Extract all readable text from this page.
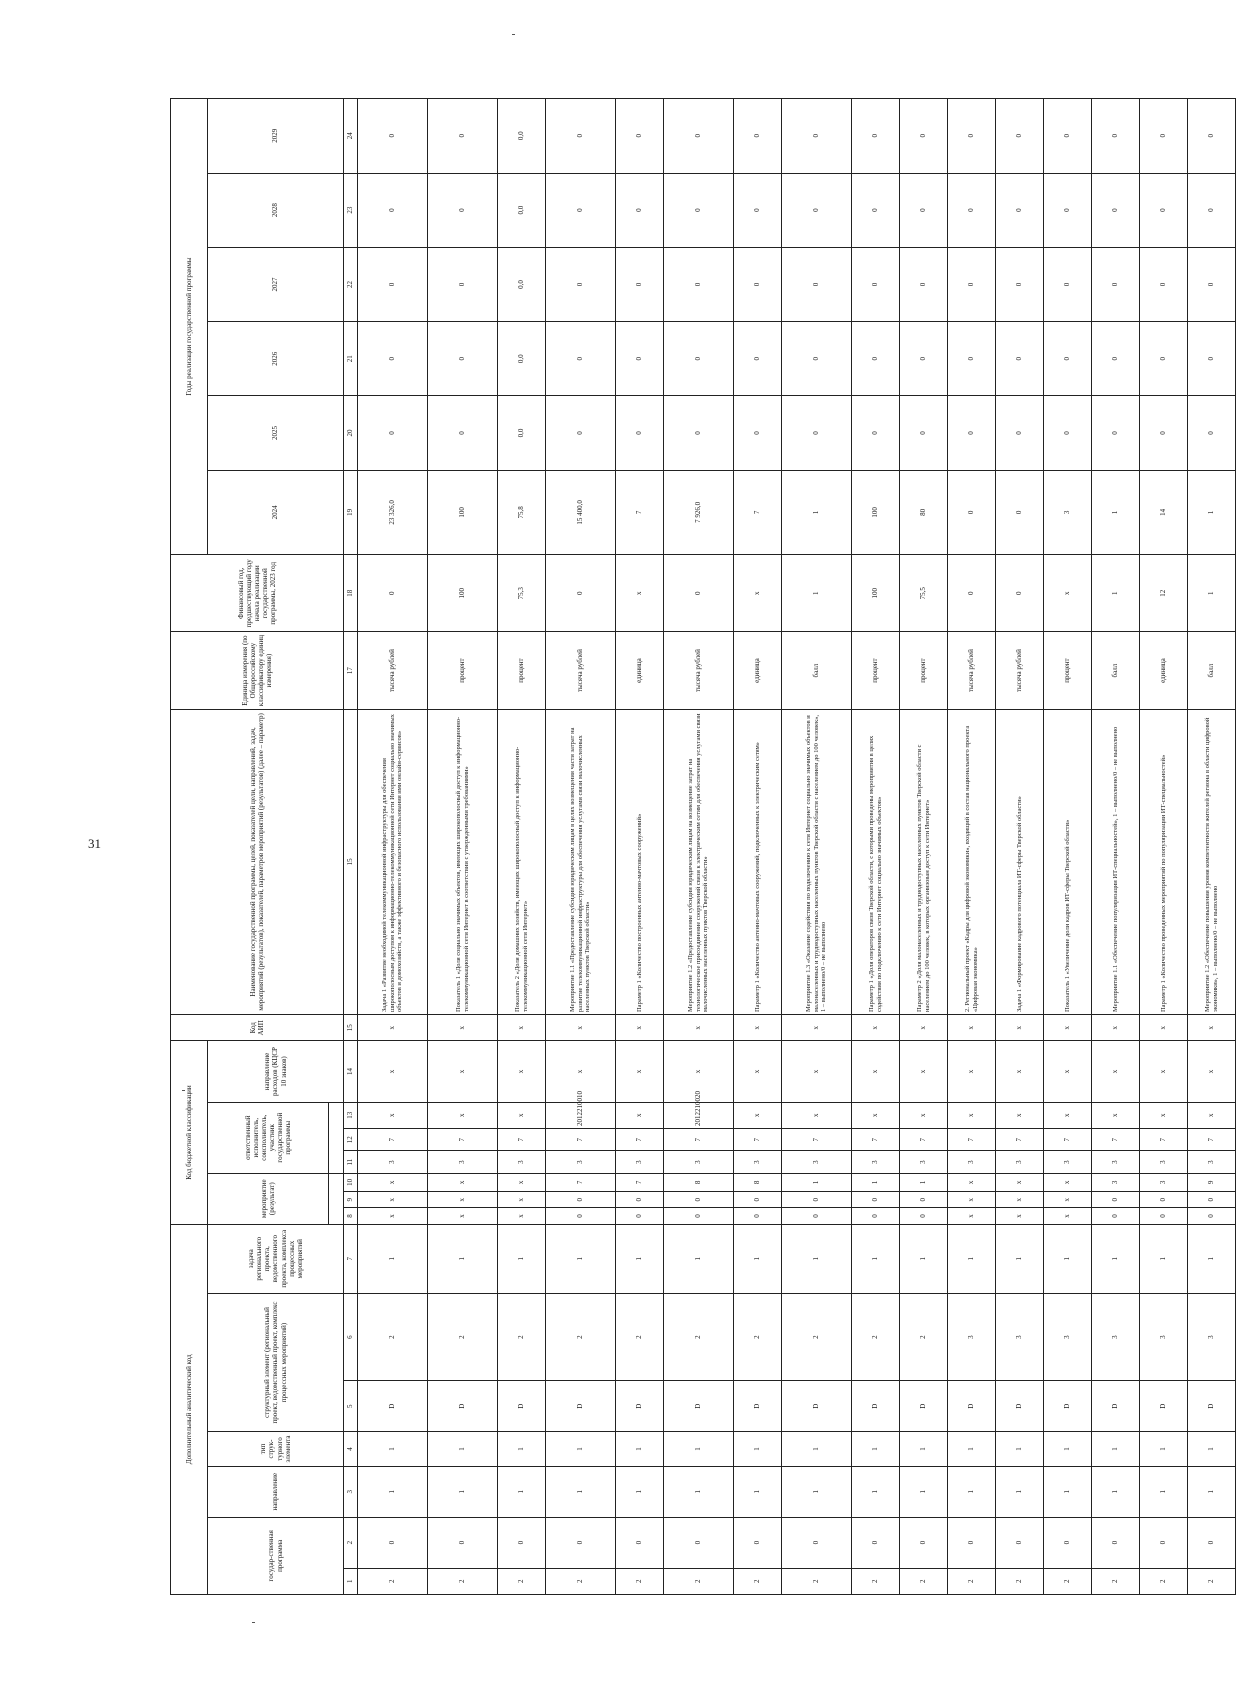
31
Дополнительный аналитический код							Код бюджетной классификации							Код АИП	Наименование государственной программы, целей, показателей цели, направлений, задач, мероприятий (результатов), показателей, параметров мероприятий (результатов) (далее – параметр)	Единица измерения (по Общероссийскому классификатору единиц измерения)	Финансовый год, предшествующий году начала реализации государственной программы, 2023 год	Годы реализации государственной программы					
государ-ственная программа		направление	тип струк-турного элемента	структурный элемент (региональный проект, ведомственный проект, комплекс процессных мероприятий)		задача регионального проекта, ведомственного проекта, комплекса процессных мероприятий	мероприятие (результат)			ответственный исполнитель, соисполнитель, участник государственной программы			направление расходов (КЦСР 10 знаков)					2024	2025	2026	2027	2028	2029

1	2	3	4	5	6	7	8	9	10	11	12	13	14	15	15	17	18	19	20	21	22	23	24
2	0	1	1	D	2	1	х	х	х	3	7	х	х	х	Задача 1 «Развитие необходимой телекоммуникационной инфраструктуры для обеспечения широкополосным доступом к информационно-телекоммуникационной сети Интернет социально значимых объектов и домохозяйств, а также эффективного и безопасного использования ими онлайн-сервисов»	тысяча рублей	0	23 326,0	0	0	0	0	0
2	0	1	1	D	2	1	х	х	х	3	7	х	х	х	Показатель 1 «Доля социально значимых объектов, имеющих широкополосный доступ к информационно-телекоммуникационной сети Интернет в соответствии с утвержденными требованиями»	процент	100	100	0	0	0	0	0
2	0	1	1	D	2	1	х	х	х	3	7	х	х	х	Показатель 2 «Доля домашних хозяйств, имеющих широкополосный доступ к информационно-телекоммуникационной сети Интернет»	процент	75,3	75,8	0,0	0,0	0,0	0,0	0,0
2	0	1	1	D	2	1	0	0	7	3	7	2012210010	х	х	Мероприятие 1.1 «Предоставление субсидии юридическим лицам в целях возмещения части затрат на развитие телекоммуникационной инфраструктуры для обеспечения услугами связи малочисленных населенных пунктов Тверской области»	тысяча рублей	0	15 400,0	0	0	0	0	0
2	0	1	1	D	2	1	0	0	7	3	7	х	х	х	Параметр 1 «Количество построенных антенно-мачтовых сооружений»	единица	х	7	0	0	0	0	0
2	0	1	1	D	2	1	0	0	8	3	7	2012210020	х	х	Мероприятие 1.2 «Предоставление субсидии юридическим лицам на возмещение затрат на технологическое присоединение сооружений связи к электрическим сетям для обеспечения услугами связи малочисленных населенных пунктов Тверской области»	тысяча рублей	0	7 926,0	0	0	0	0	0
2	0	1	1	D	2	1	0	0	8	3	7	х	х	х	Параметр 1 «Количество антенно-мачтовых сооружений, подключенных к электрическим сетям»	единица	х	7	0	0	0	0	0
2	0	1	1	D	2	1	0	0	1	3	7	х	х	х	Мероприятие 1.3 «Оказание содействия по подключению к сети Интернет социально значимых объектов и малонаселенных и труднодоступных населенных пунктов Тверской области с населением до 100 человек», 1 – выполнено/0 – не выполнено	балл	1	1	0	0	0	0	0
2	0	1	1	D	2	1	0	0	1	3	7	х	х	х	Параметр 1 «Доля операторов связи Тверской области, с которыми проведены мероприятия в целях содействия по подключению к сети Интернет социально значимых объектов»	процент	100	100	0	0	0	0	0
2	0	1	1	D	2	1	0	0	1	3	7	х	х	х	Параметр 2 «Доля малонаселенных и труднодоступных населенных пунктов Тверской области с населением до 100 человек, в которых организован доступ к сети Интернет»	процент	75,5	80	0	0	0	0	0
2	0	1	1	D	3	1	х	х	х	3	7	х	х	х	2. Региональный проект «Кадры для цифровой экономики», входящий в состав национального проекта «Цифровая экономика»	тысяча рублей	0	0	0	0	0	0	0
2	0	1	1	D	3	1	х	х	х	3	7	х	х	х	Задача 1 «Формирование кадрового потенциала ИТ-сферы Тверской области»	тысяча рублей	0	0	0	0	0	0	0
2	0	1	1	D	3	1	х	х	х	3	7	х	х	х	Показатель 1 «Увеличение доли кадров ИТ-сферы Тверской области»	процент	х	3	0	0	0	0	0
2	0	1	1	D	3	1	0	0	3	3	7	х	х	х	Мероприятие 1.1 «Обеспечение популяризации ИТ-специальностей», 1 – выполнено/0 – не выполнено	балл	1	1	0	0	0	0	0
2	0	1	1	D	3	1	0	0	3	3	7	х	х	х	Параметр 1 «Количество проведенных мероприятий по популяризации ИТ-специальностей»	единица	12	14	0	0	0	0	0
2	0	1	1	D	3	1	0	0	9	3	7	х	х	х	Мероприятие 1.2 «Обеспечение повышения уровня компетентности жителей региона в области цифровой экономики», 1 – выполнено/0 – не выполнено	балл	1	1	0	0	0	0	0
